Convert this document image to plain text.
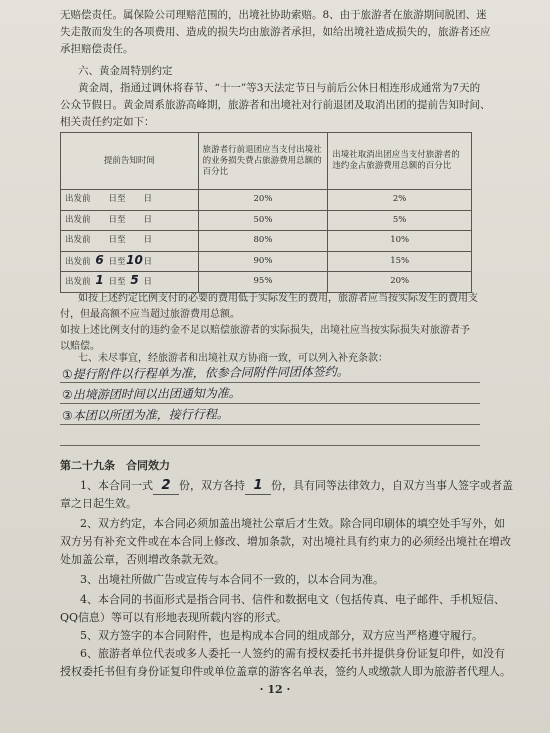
无赔偿责任。属保险公司理赔范围的，出境社协助索赔。8、由于旅游者在旅游期间脱团、迷
失走散而发生的各项费用、造成的损失均由旅游者承担，如给出境社造成损失的，旅游者还应
承担赔偿责任。
六、黄金周特别约定
黄金周，指通过调休将春节、“十一”等3天法定节日与前后公休日相连形成通常为7天的
公众节假日。黄金周系旅游高峰期，旅游者和出境社对行前退团及取消出团的提前告知时间、
相关责任约定如下：
提前告知时间	旅游者行前退团应当支付出境社的业务损失费占旅游费用总额的百分比	出境社取消出团应当支付旅游者的违约金占旅游费用总额的百分比
出发前 日至 日	20%	2%
出发前 日至 日	50%	5%
出发前 日至 日	80%	10%
出发前 6 日至10日	90%	15%
出发前 1 日至 5 日	95%	20%
如按上述约定比例支付的必要的费用低于实际发生的费用，旅游者应当按实际发生的费用支
付，但最高额不应当超过旅游费用总额。
如按上述比例支付的违约金不足以赔偿旅游者的实际损失，出境社应当按实际损失对旅游者予
以赔偿。
七、未尽事宜，经旅游者和出境社双方协商一致，可以列入补充条款：
①提行附件以行程单为准，依参合同附件同团体签约。
②出境游团时间以出团通知为准。
③本团以所团为准，接行行程。
第二十九条　合同效力
1、本合同一式 2 份，双方各持 1 份，具有同等法律效力，自双方当事人签字或者盖
章之日起生效。
2、双方约定，本合同必须加盖出境社公章后才生效。除合同印刷体的填空处手写外，如
双方另有补充文件或在本合同上修改、增加条款，对出境社具有约束力的必须经出境社在增改
处加盖公章，否则增改条款无效。
3、出境社所做广告或宣传与本合同不一致的，以本合同为准。
4、本合同的书面形式是指合同书、信件和数据电文（包括传真、电子邮件、手机短信、
QQ信息）等可以有形地表现所载内容的形式。
5、双方签字的本合同附件，也是构成本合同的组成部分，双方应当严格遵守履行。
6、旅游者单位代表或多人委托一人签约的需有授权委托书并提供身份证复印件，如没有
授权委托书但有身份证复印件或单位盖章的游客名单表，签约人或缴款人即为旅游者代理人。
· 12 ·
